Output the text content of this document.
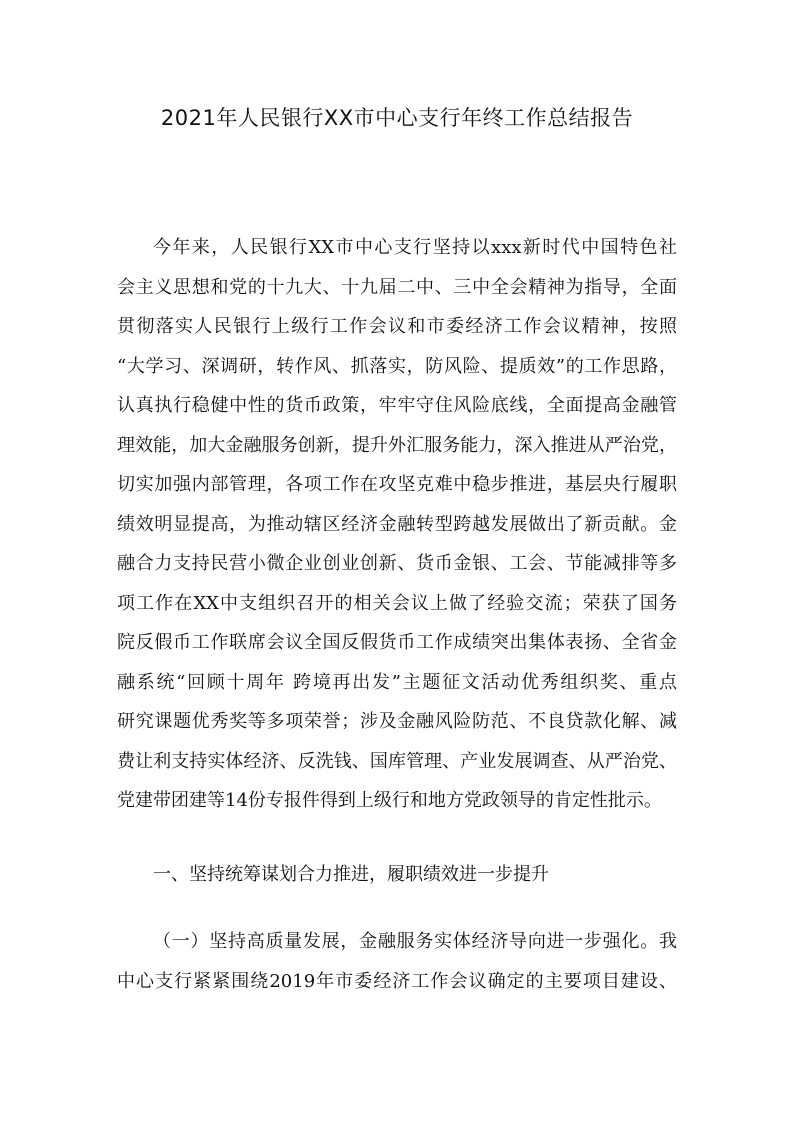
2021年人民银行XX市中心支行年终工作总结报告
今年来，人民银行XX市中心支行坚持以xxx新时代中国特色社
会主义思想和党的十九大、十九届二中、三中全会精神为指导，全面
贯彻落实人民银行上级行工作会议和市委经济工作会议精神，按照
“大学习、深调研，转作风、抓落实，防风险、提质效”的工作思路，
认真执行稳健中性的货币政策，牢牢守住风险底线，全面提高金融管
理效能，加大金融服务创新，提升外汇服务能力，深入推进从严治党，
切实加强内部管理，各项工作在攻坚克难中稳步推进，基层央行履职
绩效明显提高，为推动辖区经济金融转型跨越发展做出了新贡献。金
融合力支持民营小微企业创业创新、货币金银、工会、节能减排等多
项工作在XX中支组织召开的相关会议上做了经验交流；荣获了国务
院反假币工作联席会议全国反假货币工作成绩突出集体表扬、全省金
融系统“回顾十周年 跨境再出发”主题征文活动优秀组织奖、重点
研究课题优秀奖等多项荣誉；涉及金融风险防范、不良贷款化解、减
费让利支持实体经济、反洗钱、国库管理、产业发展调查、从严治党、
党建带团建等14份专报件得到上级行和地方党政领导的肯定性批示。
一、坚持统筹谋划合力推进，履职绩效进一步提升
（一）坚持高质量发展，金融服务实体经济导向进一步强化。我
中心支行紧紧围绕2019年市委经济工作会议确定的主要项目建设、
